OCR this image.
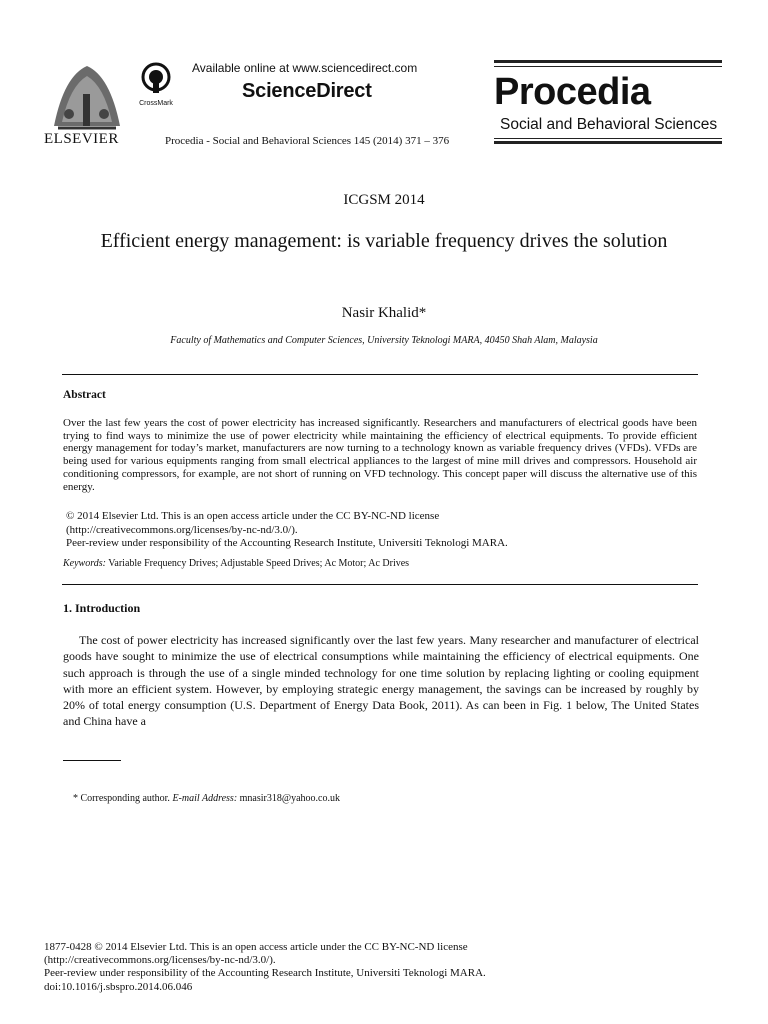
ELSEVIER
CrossMark
Available online at www.sciencedirect.com
ScienceDirect
Procedia - Social and Behavioral Sciences 145 (2014) 371 – 376
Procedia
Social and Behavioral Sciences
ICGSM 2014
Efficient energy management: is variable frequency drives the solution
Nasir Khalid*
Faculty of Mathematics and Computer Sciences, University Teknologi MARA, 40450 Shah Alam, Malaysia
Abstract
Over the last few years the cost of power electricity has increased significantly. Researchers and manufacturers of electrical goods have been trying to find ways to minimize the use of power electricity while maintaining the efficiency of electrical equipments. To provide efficient energy management for today’s market, manufacturers are now turning to a technology known as variable frequency drives (VFDs). VFDs are being used for various equipments ranging from small electrical appliances to the largest of mine mill drives and compressors. Household air conditioning compressors, for example, are not short of running on VFD technology. This concept paper will discuss the alternative use of this energy.
© 2014 Elsevier Ltd. This is an open access article under the CC BY-NC-ND license
(http://creativecommons.org/licenses/by-nc-nd/3.0/).
Peer-review under responsibility of the Accounting Research Institute, Universiti Teknologi MARA.
Keywords: Variable Frequency Drives; Adjustable Speed Drives; Ac Motor; Ac Drives
1. Introduction
The cost of power electricity has increased significantly over the last few years. Many researcher and manufacturer of electrical goods have sought to minimize the use of electrical consumptions while maintaining the efficiency of electrical equipments. One such approach is through the use of a single minded technology for one time solution by replacing lighting or cooling equipment with more an efficient system. However, by employing strategic energy management, the savings can be increased by roughly by 20% of total energy consumption (U.S. Department of Energy Data Book, 2011). As can been in Fig. 1 below, The United States and China have a
* Corresponding author. E-mail Address: mnasir318@yahoo.co.uk
1877-0428 © 2014 Elsevier Ltd. This is an open access article under the CC BY-NC-ND license
(http://creativecommons.org/licenses/by-nc-nd/3.0/).
Peer-review under responsibility of the Accounting Research Institute, Universiti Teknologi MARA.
doi:10.1016/j.sbspro.2014.06.046
